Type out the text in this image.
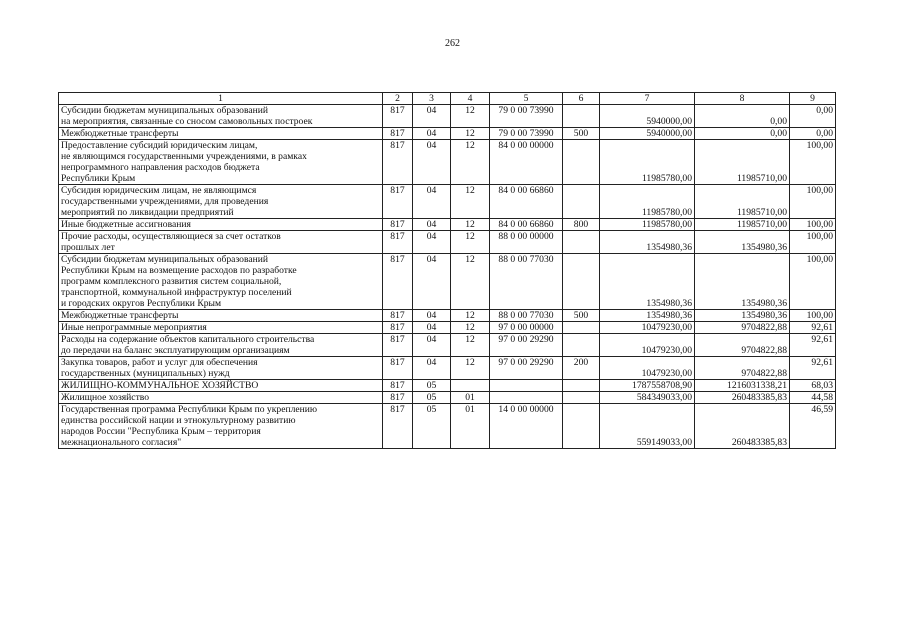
262
1	2	3	4	5	6	7	8	9

Субсидии бюджетам муниципальных образований
на мероприятия, связанные со сносом самовольных построек	817	04	12	79 0 00 73990		5940000,00	0,00	0,00

Межбюджетные трансферты	817	04	12	79 0 00 73990	500	5940000,00	0,00	0,00

Предоставление субсидий юридическим лицам,
не являющимся государственными учреждениями, в рамках
непрограммного направления расходов бюджета
Республики Крым	817	04	12	84 0 00 00000		11985780,00	11985710,00	100,00

Субсидия юридическим лицам, не являющимся
государственными учреждениями, для проведения
мероприятий по ликвидации предприятий	817	04	12	84 0 00 66860		11985780,00	11985710,00	100,00

Иные бюджетные ассигнования	817	04	12	84 0 00 66860	800	11985780,00	11985710,00	100,00

Прочие расходы, осуществляющиеся за счет остатков
прошлых лет	817	04	12	88 0 00 00000		1354980,36	1354980,36	100,00

Субсидии бюджетам муниципальных образований
Республики Крым на возмещение расходов по разработке
программ комплексного развития систем социальной,
транспортной, коммунальной инфраструктур поселений
и городских округов Республики Крым	817	04	12	88 0 00 77030		1354980,36	1354980,36	100,00

Межбюджетные трансферты	817	04	12	88 0 00 77030	500	1354980,36	1354980,36	100,00

Иные непрограммные мероприятия	817	04	12	97 0 00 00000		10479230,00	9704822,88	92,61

Расходы на содержание объектов капитального строительства
до передачи на баланс эксплуатирующим организациям	817	04	12	97 0 00 29290		10479230,00	9704822,88	92,61

Закупка товаров, работ и услуг для обеспечения
государственных (муниципальных) нужд	817	04	12	97 0 00 29290	200	10479230,00	9704822,88	92,61

ЖИЛИЩНО-КОММУНАЛЬНОЕ ХОЗЯЙСТВО	817	05				1787558708,90	1216031338,21	68,03

Жилищное хозяйство	817	05	01			584349033,00	260483385,83	44,58

Государственная программа Республики Крым по укреплению
единства российской нации и этнокультурному развитию
народов России "Республика Крым – территория
межнационального согласия"	817	05	01	14 0 00 00000		559149033,00	260483385,83	46,59
